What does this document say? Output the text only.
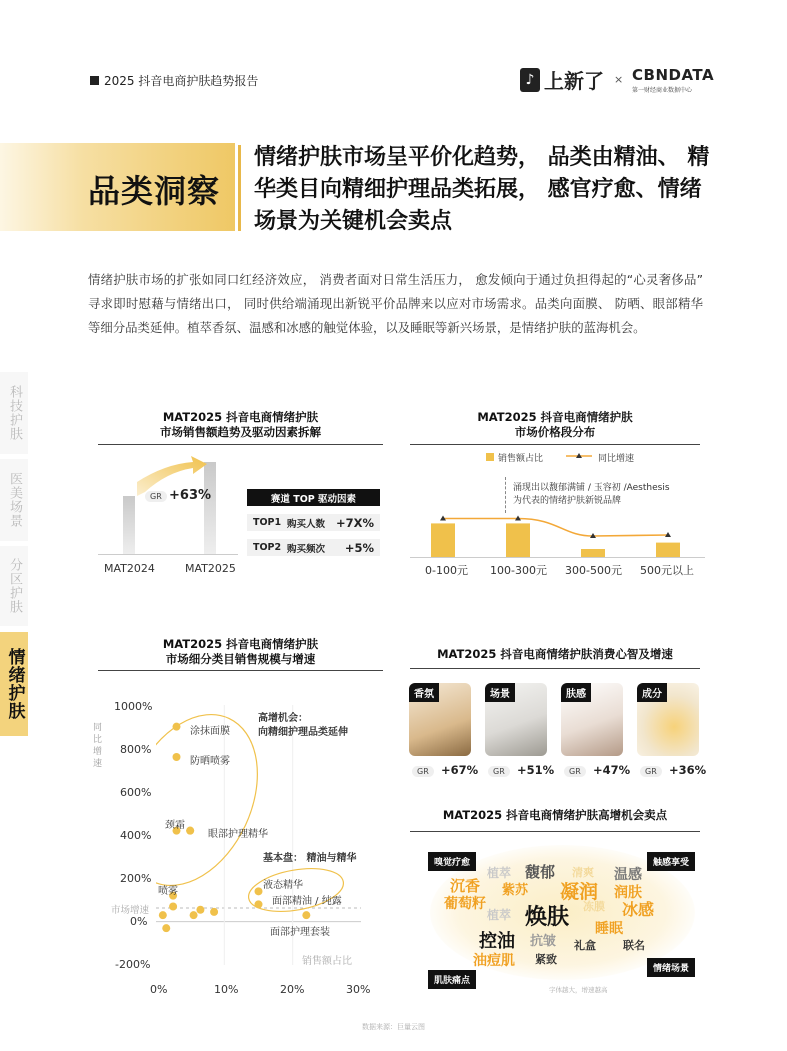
2025 抖音电商护肤趋势报告	♪ 上新了 × CBNDATA
第一财经商业数据中心
品类洞察
情绪护肤市场呈平价化趋势， 品类由精油、 精华类目向精细护理品类拓展， 感官疗愈、情绪场景为关键机会卖点
情绪护肤市场的扩张如同口红经济效应， 消费者面对日常生活压力， 愈发倾向于通过负担得起的“心灵奢侈品” 寻求即时慰藉与情绪出口， 同时供给端涌现出新锐平价品牌来以应对市场需求。品类向面膜、 防晒、眼部精华等细分品类延伸。植萃香氛、温感和冰感的触觉体验，以及睡眠等新兴场景，是情绪护肤的蓝海机会。
科技护肤
医美场景
分区护肤
情绪护肤
MAT2025 抖音电商情绪护肤
市场销售额趋势及驱动因素拆解
GR +63%
MAT2024	MAT2025
赛道 TOP 驱动因素
TOP1 购买人数 +7X%
TOP2 购买频次	+5%
MAT2025 抖音电商情绪护肤
市场价格段分布
销售额占比	同比增速
涌现出以馥郁满铺 / 玉容初 /Aesthesis
为代表的情绪护肤新锐品牌
0-100元 100-300元 300-500元 500元以上
MAT2025 抖音电商情绪护肤
市场细分类目销售规模与增速
同比增速
1000%
800%
600%
400%
200%
0%
-200%
市场增速
0%	10%	20%	30%
销售额占比
高增机会：
向精细护理品类延伸
基本盘： 精油与精华
涂抹面膜
防晒喷雾
颈霜
眼部护理精华
喷雾
液态精华
面部精油 / 纯露
面部护理套装
MAT2025 抖音电商情绪护肤消费心智及增速
香氛	场景	肤感	成分
GR	+67%	GR	+51%	GR	+47%	GR	+36%
MAT2025 抖音电商情绪护肤高增机会卖点
嗅觉疗愈	触感享受
肌肤痛点
情绪场景
植萃 馥郁 清爽 温感
沉香 紫苏 凝润 润肤
葡萄籽
植萃 焕肤	冰感
冻膜
睡眠
控油 抗皱 礼盒 联名
油痘肌 紧致
字体越大，增速越高
数据来源：巨量云图
